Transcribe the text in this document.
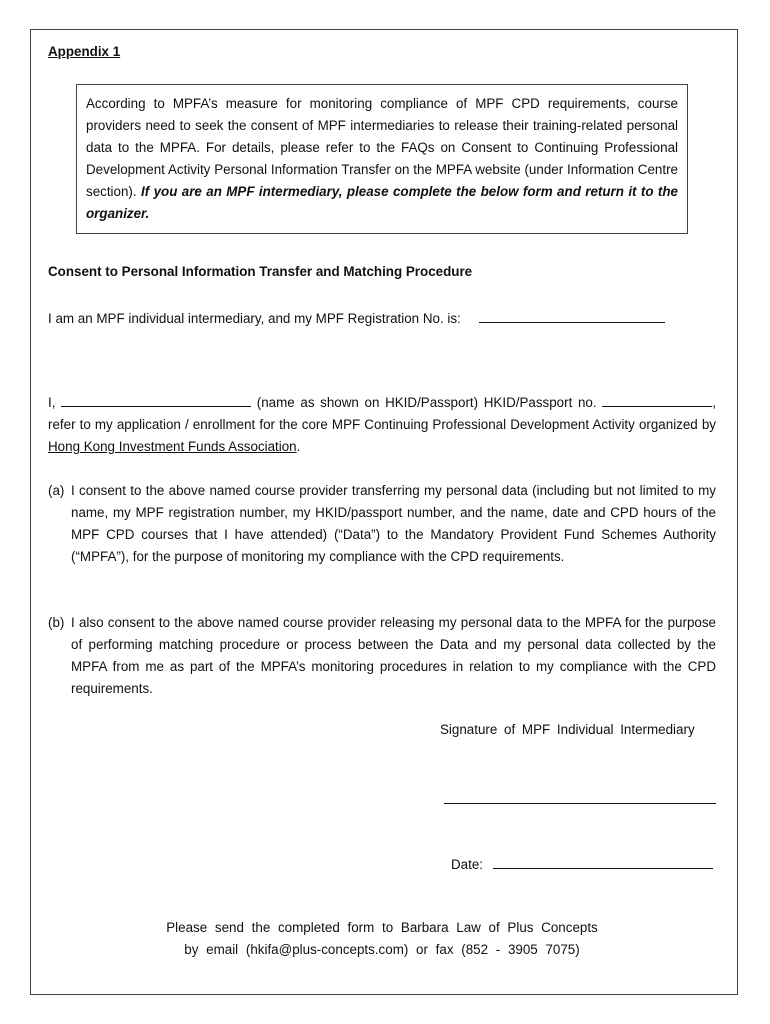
Appendix 1
According to MPFA’s measure for monitoring compliance of MPF CPD requirements, course providers need to seek the consent of MPF intermediaries to release their training-related personal data to the MPFA. For details, please refer to the FAQs on Consent to Continuing Professional Development Activity Personal Information Transfer on the MPFA website (under Information Centre section). If you are an MPF intermediary, please complete the below form and return it to the organizer.
Consent to Personal Information Transfer and Matching Procedure
I am an MPF individual intermediary, and my MPF Registration No. is:
I,	(name as shown on HKID/Passport) HKID/Passport no.	, refer to my application / enrollment for the core MPF Continuing Professional Development Activity organized by Hong Kong Investment Funds Association.
(a) I consent to the above named course provider transferring my personal data (including but not limited to my name, my MPF registration number, my HKID/passport number, and the name, date and CPD hours of the MPF CPD courses that I have attended) (“Data”) to the Mandatory Provident Fund Schemes Authority (“MPFA”), for the purpose of monitoring my compliance with the CPD requirements.
(b) I also consent to the above named course provider releasing my personal data to the MPFA for the purpose of performing matching procedure or process between the Data and my personal data collected by the MPFA from me as part of the MPFA’s monitoring procedures in relation to my compliance with the CPD requirements.
Signature of MPF Individual Intermediary
Date:
Please send the completed form to Barbara Law of Plus Concepts
by email (hkifa@plus-concepts.com) or fax (852 - 3905 7075)
